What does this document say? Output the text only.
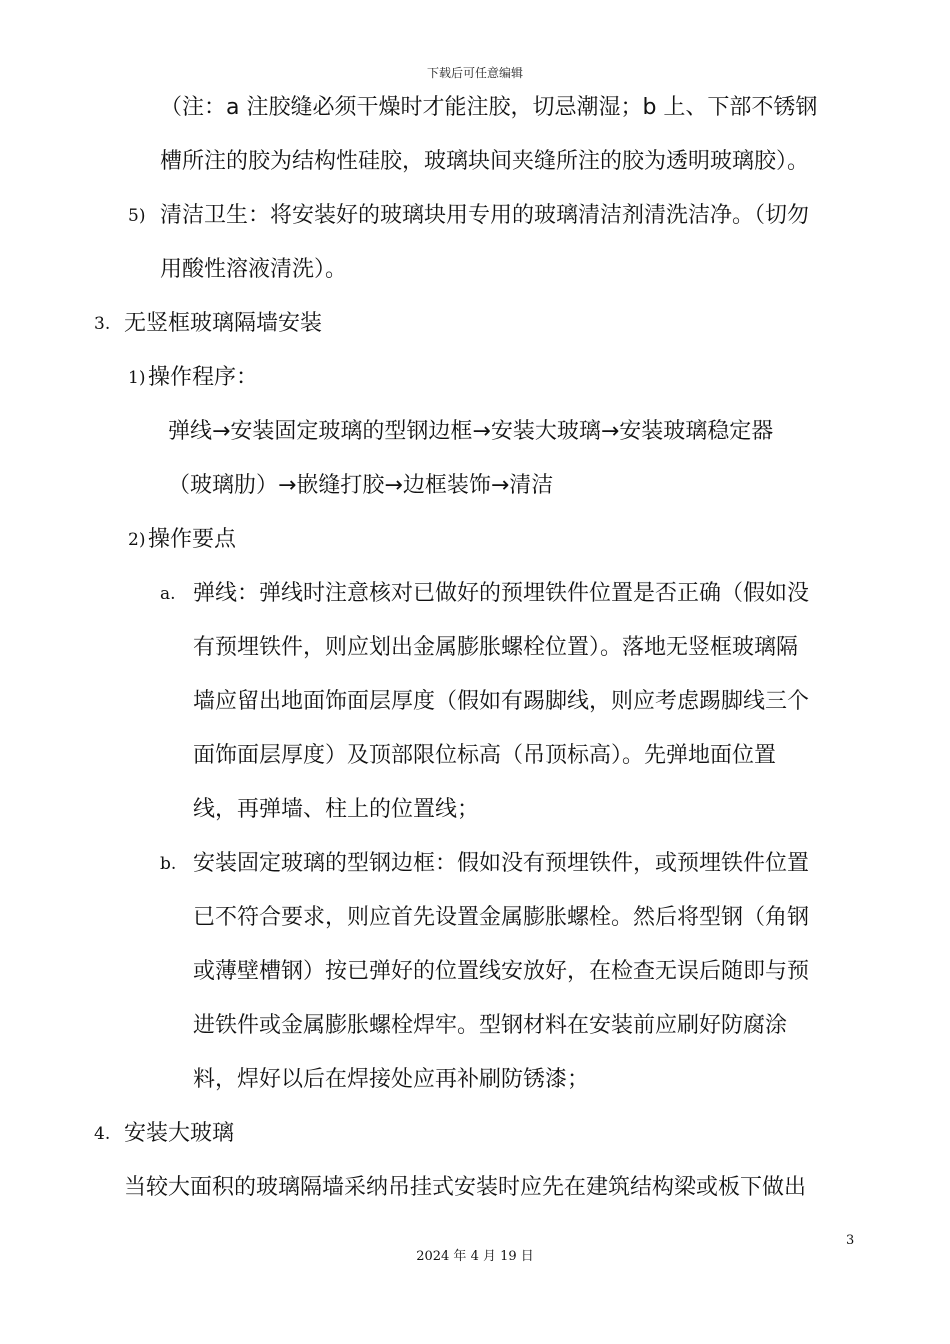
下载后可任意编辑
（注：a 注胶缝必须干燥时才能注胶，切忌潮湿；b 上、下部不锈钢
槽所注的胶为结构性硅胶，玻璃块间夹缝所注的胶为透明玻璃胶）。
5) 清洁卫生：将安装好的玻璃块用专用的玻璃清洁剂清洗洁净。（切勿
用酸性溶液清洗）。
3. 无竖框玻璃隔墙安装
1) 操作程序：
弹线→安装固定玻璃的型钢边框→安装大玻璃→安装玻璃稳定器
（玻璃肋）→嵌缝打胶→边框装饰→清洁
2) 操作要点
a. 弹线：弹线时注意核对已做好的预埋铁件位置是否正确（假如没
有预埋铁件，则应划出金属膨胀螺栓位置）。落地无竖框玻璃隔
墙应留出地面饰面层厚度（假如有踢脚线，则应考虑踢脚线三个
面饰面层厚度）及顶部限位标高（吊顶标高）。先弹地面位置
线，再弹墙、柱上的位置线；
b. 安装固定玻璃的型钢边框：假如没有预埋铁件，或预埋铁件位置
已不符合要求，则应首先设置金属膨胀螺栓。然后将型钢（角钢
或薄壁槽钢）按已弹好的位置线安放好，在检查无误后随即与预
进铁件或金属膨胀螺栓焊牢。型钢材料在安装前应刷好防腐涂
料，焊好以后在焊接处应再补刷防锈漆；
4. 安装大玻璃
当较大面积的玻璃隔墙采纳吊挂式安装时应先在建筑结构梁或板下做出
3
2024 年 4 月 19 日
